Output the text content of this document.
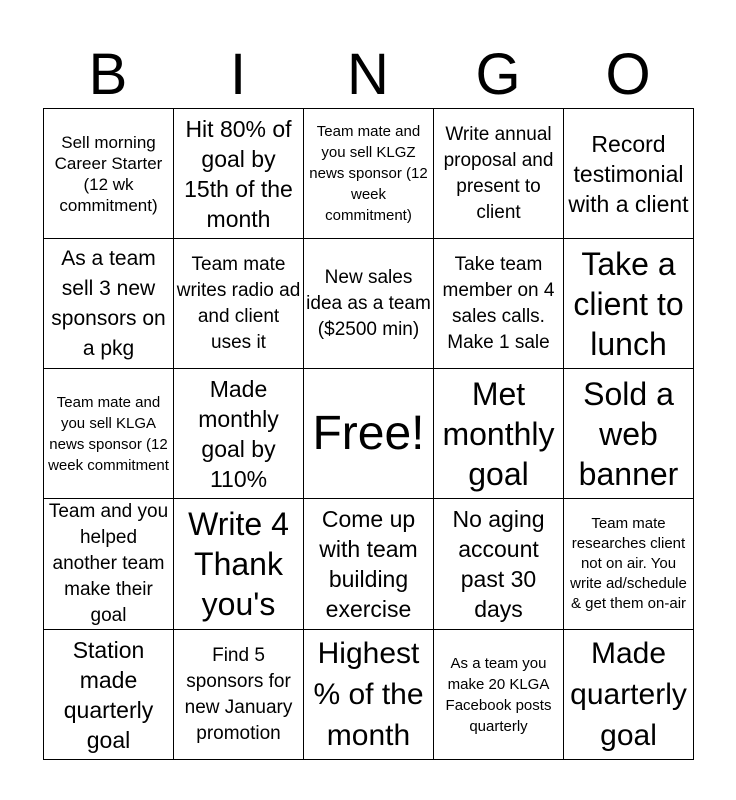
B	I	N	G	O
Sell morning Career Starter (12 wk commitment)	Hit 80% of goal by 15th of the month	Team mate and you sell KLGZ news sponsor (12 week commitment)	Write annual proposal and present to client	Record testimonial with a client

As a team sell 3 new sponsors on a pkg	Team mate writes radio ad and client uses it	New sales idea as a team ($2500 min)	Take team member on 4 sales calls. Make 1 sale	Take a client to lunch

Team mate and you sell KLGA news sponsor (12 week commitment	Made monthly goal by 110%	Free!	Met monthly goal	Sold a web banner

Team and you helped another team make their goal	Write 4 Thank you's	Come up with team building exercise	No aging account past 30 days	Team mate researches client not on air. You write ad/schedule & get them on-air

Station made quarterly goal	Find 5 sponsors for new January promotion	Highest % of the month	As a team you make 20 KLGA Facebook posts quarterly	Made quarterly goal
